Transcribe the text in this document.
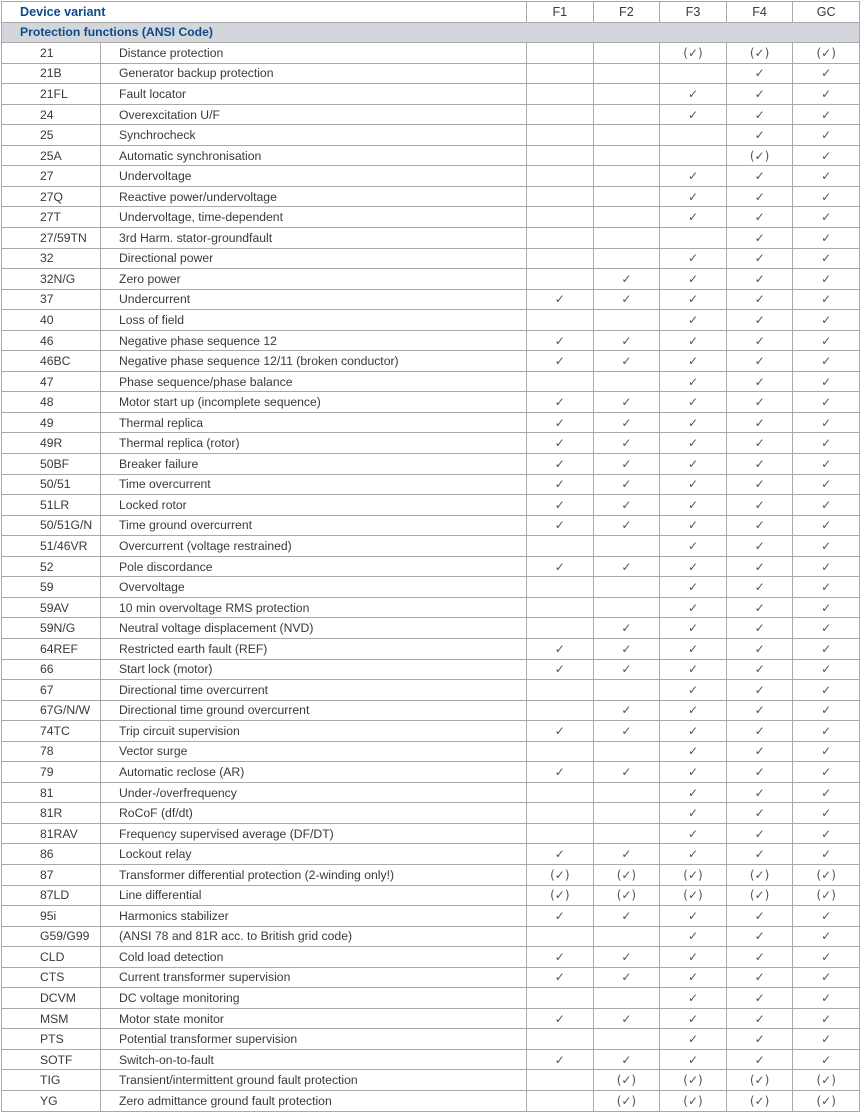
Device variant		F1	F2	F3	F4	GC
Protection functions (ANSI Code)						
21	Distance protection			(✓)	(✓)	(✓)
21B	Generator backup protection				✓	✓
21FL	Fault locator			✓	✓	✓
24	Overexcitation U/F			✓	✓	✓
25	Synchrocheck				✓	✓
25A	Automatic synchronisation				(✓)	✓
27	Undervoltage			✓	✓	✓
27Q	Reactive power/undervoltage			✓	✓	✓
27T	Undervoltage, time-dependent			✓	✓	✓
27/59TN	3rd Harm. stator-groundfault				✓	✓
32	Directional power			✓	✓	✓
32N/G	Zero power		✓	✓	✓	✓
37	Undercurrent	✓	✓	✓	✓	✓
40	Loss of field			✓	✓	✓
46	Negative phase sequence 12	✓	✓	✓	✓	✓
46BC	Negative phase sequence 12/11 (broken conductor)	✓	✓	✓	✓	✓
47	Phase sequence/phase balance			✓	✓	✓
48	Motor start up (incomplete sequence)	✓	✓	✓	✓	✓
49	Thermal replica	✓	✓	✓	✓	✓
49R	Thermal replica (rotor)	✓	✓	✓	✓	✓
50BF	Breaker failure	✓	✓	✓	✓	✓
50/51	Time overcurrent	✓	✓	✓	✓	✓
51LR	Locked rotor	✓	✓	✓	✓	✓
50/51G/N	Time ground overcurrent	✓	✓	✓	✓	✓
51/46VR	Overcurrent (voltage restrained)			✓	✓	✓
52	Pole discordance	✓	✓	✓	✓	✓
59	Overvoltage			✓	✓	✓
59AV	10 min overvoltage RMS protection			✓	✓	✓
59N/G	Neutral voltage displacement (NVD)		✓	✓	✓	✓
64REF	Restricted earth fault (REF)	✓	✓	✓	✓	✓
66	Start lock (motor)	✓	✓	✓	✓	✓
67	Directional time overcurrent			✓	✓	✓
67G/N/W	Directional time ground overcurrent		✓	✓	✓	✓
74TC	Trip circuit supervision	✓	✓	✓	✓	✓
78	Vector surge			✓	✓	✓
79	Automatic reclose (AR)	✓	✓	✓	✓	✓
81	Under-/overfrequency			✓	✓	✓
81R	RoCoF (df/dt)			✓	✓	✓
81RAV	Frequency supervised average (DF/DT)			✓	✓	✓
86	Lockout relay	✓	✓	✓	✓	✓
87	Transformer differential protection (2-winding only!)	(✓)	(✓)	(✓)	(✓)	(✓)
87LD	Line differential	(✓)	(✓)	(✓)	(✓)	(✓)
95i	Harmonics stabilizer	✓	✓	✓	✓	✓
G59/G99	(ANSI 78 and 81R acc. to British grid code)			✓	✓	✓
CLD	Cold load detection	✓	✓	✓	✓	✓
CTS	Current transformer supervision	✓	✓	✓	✓	✓
DCVM	DC voltage monitoring			✓	✓	✓
MSM	Motor state monitor	✓	✓	✓	✓	✓
PTS	Potential transformer supervision			✓	✓	✓
SOTF	Switch-on-to-fault	✓	✓	✓	✓	✓
TIG	Transient/intermittent ground fault protection		(✓)	(✓)	(✓)	(✓)
YG	Zero admittance ground fault protection		(✓)	(✓)	(✓)	(✓)
